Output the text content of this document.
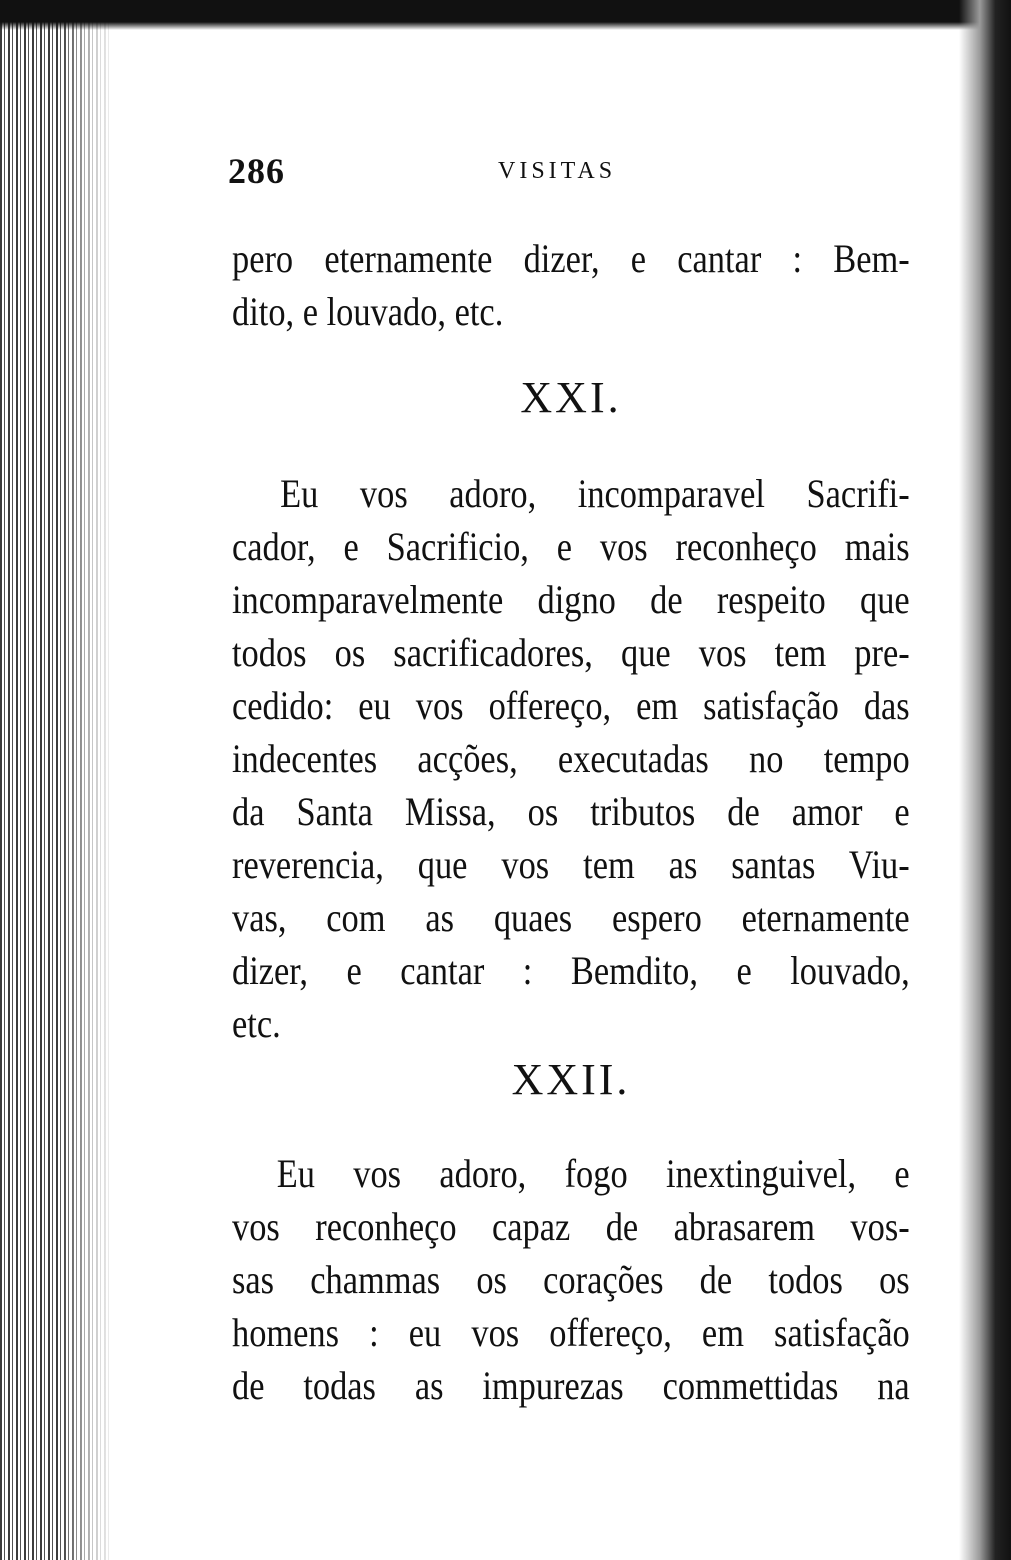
286	VISITAS
pero eternamente dizer, e cantar : Bem-
dito, e louvado, etc.
XXI.
Eu vos adoro, incomparavel Sacrifi-
cador, e Sacrificio, e vos reconheço mais
incomparavelmente digno de respeito que
todos os sacrificadores, que vos tem pre-
cedido: eu vos offereço, em satisfação das
indecentes acções, executadas no tempo
da Santa Missa, os tributos de amor e
reverencia, que vos tem as santas Viu-
vas, com as quaes espero eternamente
dizer, e cantar : Bemdito, e louvado,
etc.
XXII.
Eu vos adoro, fogo inextinguivel, e
vos reconheço capaz de abrasarem vos-
sas chammas os corações de todos os
homens : eu vos offereço, em satisfação
de todas as impurezas commettidas na
